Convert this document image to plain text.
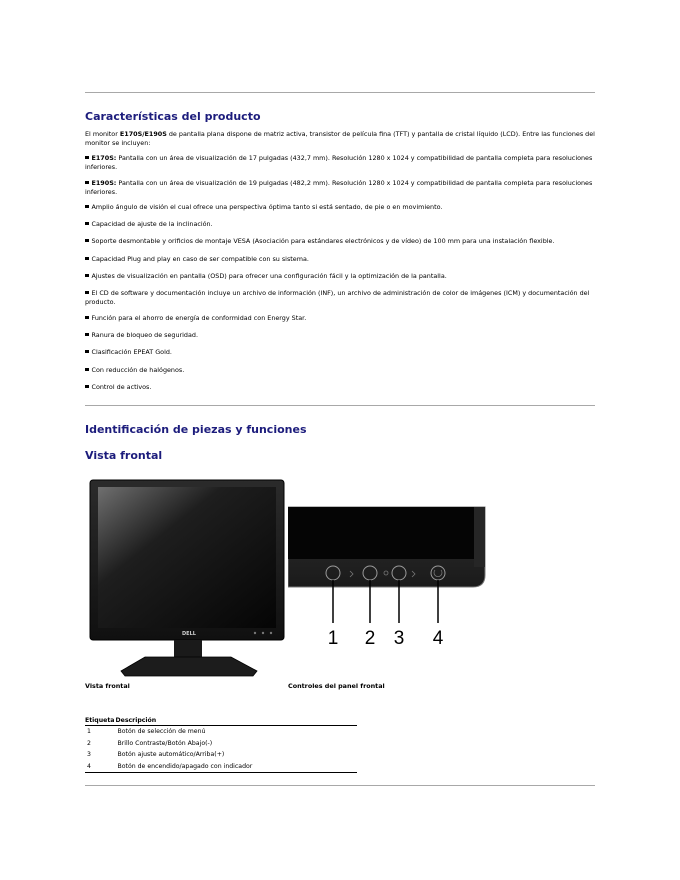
Características del producto

El monitor E170S/E190S de pantalla plana dispone de matriz activa, transistor de película fina (TFT) y pantalla de cristal líquido (LCD). Entre las funciones del monitor se incluyen:

E170S: Pantalla con un área de visualización de 17 pulgadas (432,7 mm). Resolución 1280 x 1024 y compatibilidad de pantalla completa para resoluciones inferiores.
E190S: Pantalla con un área de visualización de 19 pulgadas (482,2 mm). Resolución 1280 x 1024 y compatibilidad de pantalla completa para resoluciones inferiores.
Amplio ángulo de visión el cual ofrece una perspectiva óptima tanto si está sentado, de pie o en movimiento.
Capacidad de ajuste de la inclinación.
Soporte desmontable y orificios de montaje VESA (Asociación para estándares electrónicos y de vídeo) de 100 mm para una instalación flexible.
Capacidad Plug and play en caso de ser compatible con su sistema.
Ajustes de visualización en pantalla (OSD) para ofrecer una configuración fácil y la optimización de la pantalla.
El CD de software y documentación incluye un archivo de información (INF), un archivo de administración de color de imágenes (ICM) y documentación del producto.
Función para el ahorro de energía de conformidad con Energy Star.
Ranura de bloqueo de seguridad.
Clasificación EPEAT Gold.
Con reducción de halógenos.
Control de activos.
Identificación de piezas y funciones
Vista frontal
DELL	1 2 3 4
Vista frontal	Controles del panel frontal
Etiqueta	Descripción
1	Botón de selección de menú
2	Brillo Contraste/Botón Abajo(-)
3	Botón ajuste automático/Arriba(+)
4	Botón de encendido/apagado con indicador
